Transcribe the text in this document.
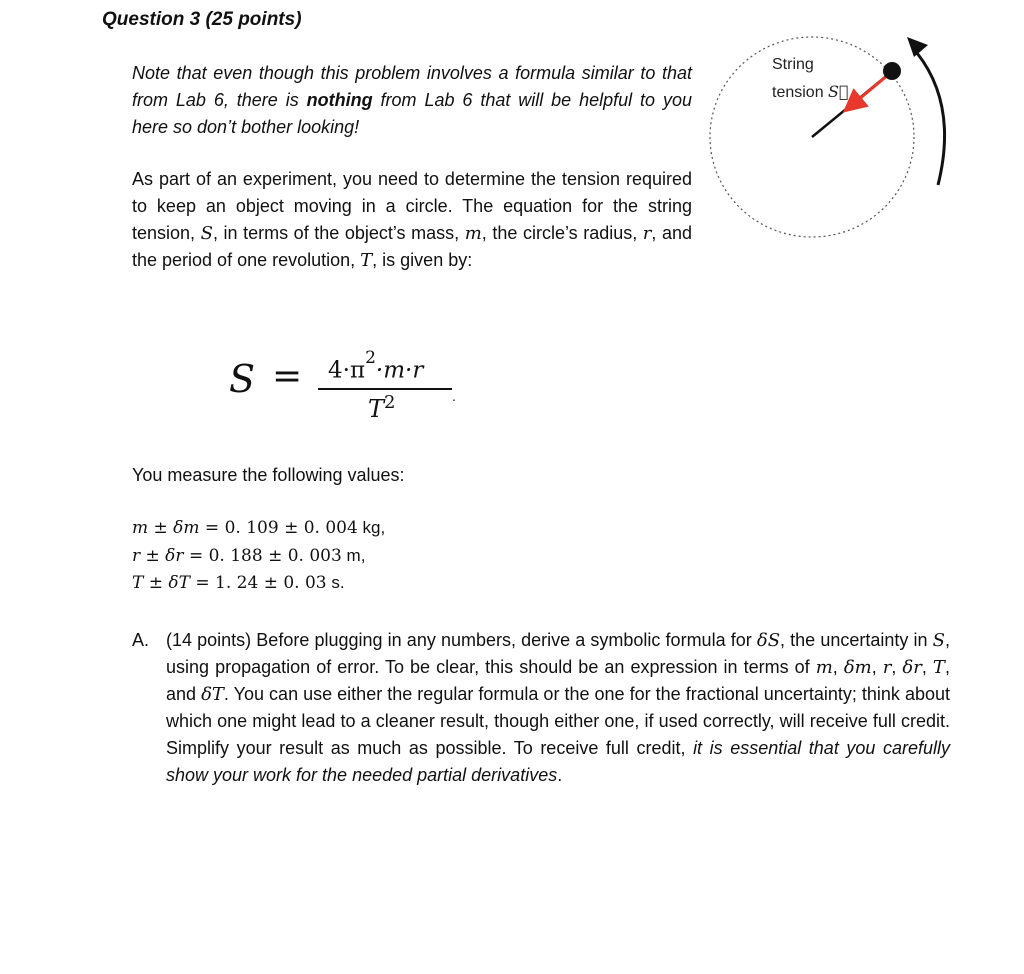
Question 3 (25 points)
Note that even though this problem involves a formula similar to that from Lab 6, there is nothing from Lab 6 that will be helpful to you here so don’t bother looking!
As part of an experiment, you need to determine the tension required to keep an object moving in a circle. The equation for the string tension, S, in terms of the object’s mass, m, the circle’s radius, r, and the period of one revolution, T, is given by:
$S = 4\cdot\pi^2\cdot m\cdot r$
$T^2$	.
You measure the following values:
m ± δm = 0. 109 ± 0. 004 kg,
r ± δr = 0. 188 ± 0. 003 m,
T ± δT = 1. 24 ± 0. 03 s.
A. (14 points) Before plugging in any numbers, derive a symbolic formula for δS, the uncertainty in S, using propagation of error. To be clear, this should be an expression in terms of m, δm, r, δr, T, and δT. You can use either the regular formula or the one for the fractional uncertainty; think about which one might lead to a cleaner result, though either one, if used correctly, will receive full credit. Simplify your result as much as possible. To receive full credit, it is essential that you carefully show your work for the needed partial derivatives.
String
tension S⃗
